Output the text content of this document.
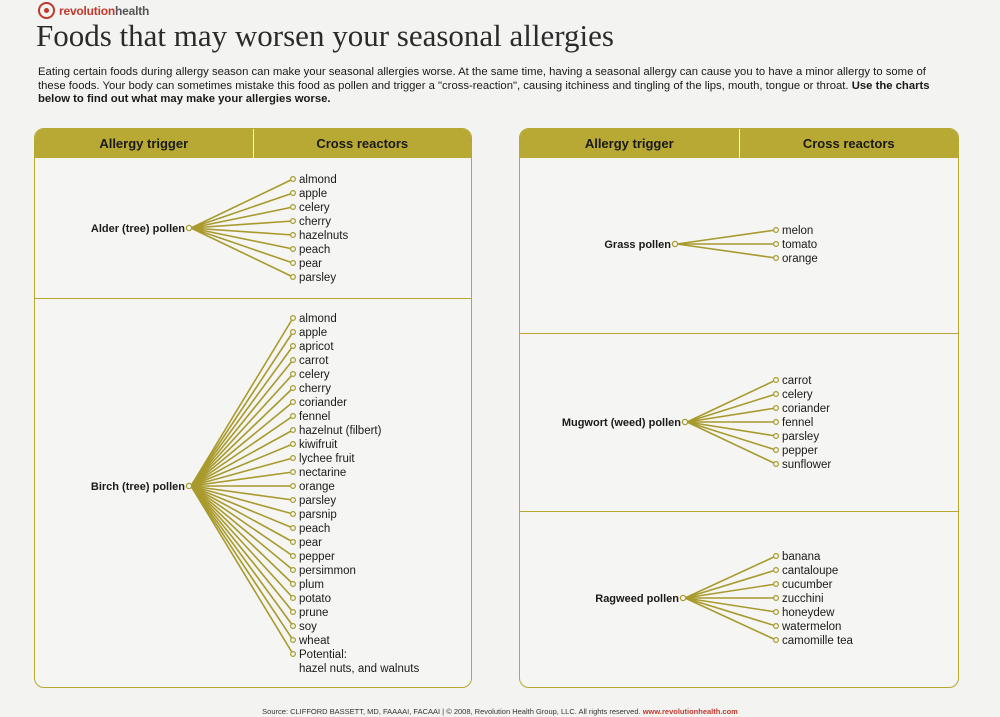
revolutionhealth
Foods that may worsen your seasonal allergies

Eating certain foods during allergy season can make your seasonal allergies worse. At the same time, having a seasonal allergy can cause you to have a minor allergy to some of these foods. Your body can sometimes mistake this food as pollen and trigger a "cross-reaction", causing itchiness and tingling of the lips, mouth, tongue or throat. Use the charts below to find out what may make your allergies worse.

Allergy trigger	Cross reactors
almond
apple
celery
cherry
hazelnuts
peach
pear
parsley
Alder (tree) pollen
almond
apple
apricot
carrot
celery
cherry
coriander
fennel
hazelnut (filbert)
kiwifruit
lychee fruit
nectarine
orange
parsley
parsnip
peach
pear
pepper
persimmon
plum
potato
prune
soy
wheat
Potential:
hazel nuts, and walnuts
Birch (tree) pollen
Allergy trigger	Cross reactors
melon
tomato
orange
Grass pollen
carrot
celery
coriander
fennel
parsley
pepper
sunflower
Mugwort (weed) pollen
banana
cantaloupe
cucumber
zucchini
honeydew
watermelon
camomille tea
Ragweed pollen
Source: CLIFFORD BASSETT, MD, FAAAAI, FACAAI | © 2008, Revolution Health Group, LLC. All rights reserved. www.revolutionhealth.com
